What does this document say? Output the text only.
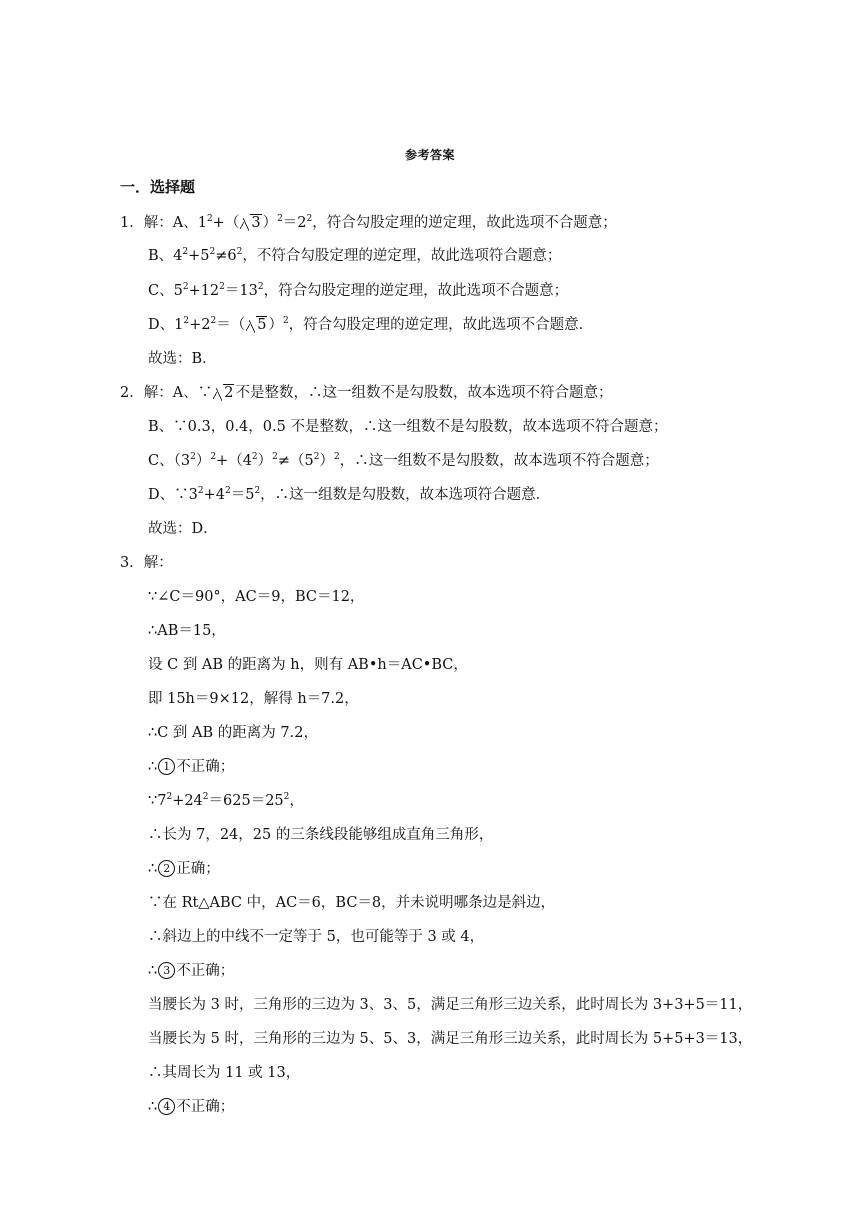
参考答案
一．选择题
1．解：A、$1^2+$（ 3 ）$^2=2^2$，符合勾股定理的逆定理，故此选项不合题意；
B、$4^2+5^2\ne 6^2$，不符合勾股定理的逆定理，故此选项符合题意；
C、$5^2+12^2=13^2$，符合勾股定理的逆定理，故此选项不合题意；
D、$1^2+2^2=$（ 5 ）$^2$，符合勾股定理的逆定理，故此选项不合题意．
故选：B．
2．解：A、∵ 2 不是整数，∴这一组数不是勾股数，故本选项不符合题意；
B、∵0.3，0.4，0.5 不是整数，∴这一组数不是勾股数，故本选项不符合题意；
C、$(3^2)^2+(4^2)^2\ne(5^2)^2$，∴这一组数不是勾股数，故本选项不符合题意；
D、$\because 3^2+4^2=5^2$，∴这一组数是勾股数，故本选项符合题意．
故选：D．
3．解：
∵∠C＝90°，AC＝9，BC＝12，
∴AB＝15，
设 C 到 AB 的距离为 h，则有 AB•h＝AC•BC，
即 15h＝9×12，解得 h＝7.2，
∴C 到 AB 的距离为 7.2，
∴ 1 不正确；
$\because 7^2+24^2=625=25^2$，
∴长为 7，24，25 的三条线段能够组成直角三角形，
∴ 2 正确；
∵在 Rt△ABC 中，AC＝6，BC＝8，并未说明哪条边是斜边，
∴斜边上的中线不一定等于 5，也可能等于 3 或 4，
∴ 3 不正确；
当腰长为 3 时，三角形的三边为 3、3、5，满足三角形三边关系，此时周长为 3+3+5＝11，
当腰长为 5 时，三角形的三边为 5、5、3，满足三角形三边关系，此时周长为 5+5+3＝13，
∴其周长为 11 或 13，
∴ 4 不正确；
